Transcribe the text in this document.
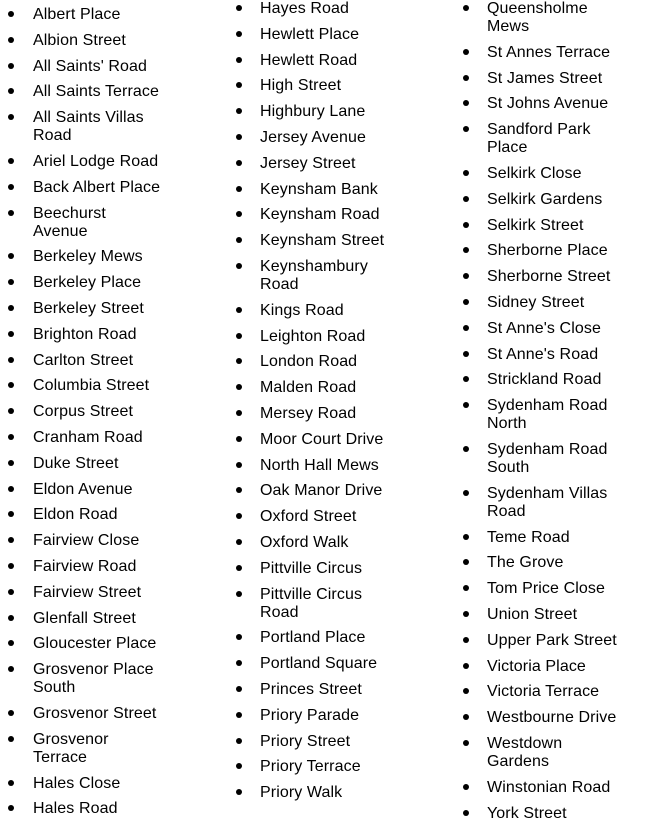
Albert Place
Albion Street
All Saints' Road
All Saints Terrace
All Saints Villas
Road
Ariel Lodge Road
Back Albert Place
Beechurst
Avenue
Berkeley Mews
Berkeley Place
Berkeley Street
Brighton Road
Carlton Street
Columbia Street
Corpus Street
Cranham Road
Duke Street
Eldon Avenue
Eldon Road
Fairview Close
Fairview Road
Fairview Street
Glenfall Street
Gloucester Place
Grosvenor Place
South
Grosvenor Street
Grosvenor
Terrace
Hales Close
Hales Road
Hayes Road
Hewlett Place
Hewlett Road
High Street
Highbury Lane
Jersey Avenue
Jersey Street
Keynsham Bank
Keynsham Road
Keynsham Street
Keynshambury
Road
Kings Road
Leighton Road
London Road
Malden Road
Mersey Road
Moor Court Drive
North Hall Mews
Oak Manor Drive
Oxford Street
Oxford Walk
Pittville Circus
Pittville Circus
Road
Portland Place
Portland Square
Princes Street
Priory Parade
Priory Street
Priory Terrace
Priory Walk
Queensholme
Mews
St Annes Terrace
St James Street
St Johns Avenue
Sandford Park
Place
Selkirk Close
Selkirk Gardens
Selkirk Street
Sherborne Place
Sherborne Street
Sidney Street
St Anne's Close
St Anne's Road
Strickland Road
Sydenham Road
North
Sydenham Road
South
Sydenham Villas
Road
Teme Road
The Grove
Tom Price Close
Union Street
Upper Park Street
Victoria Place
Victoria Terrace
Westbourne Drive
Westdown
Gardens
Winstonian Road
York Street
